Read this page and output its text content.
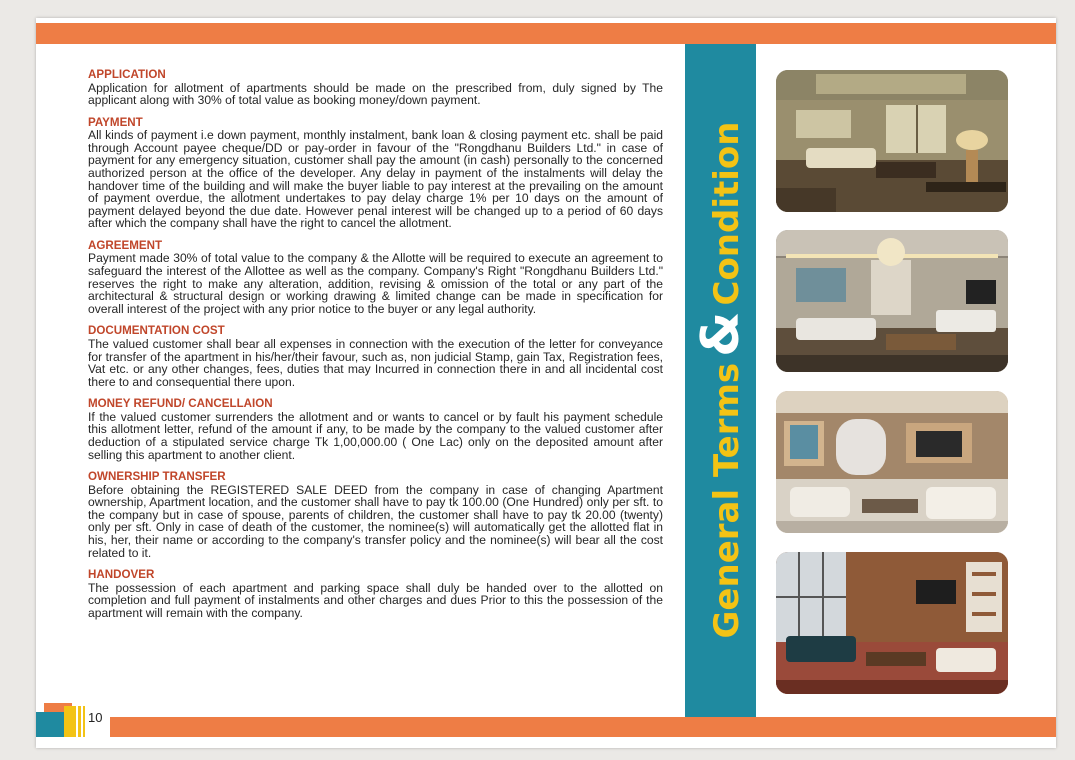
10
APPLICATION

Application for allotment of apartments should be made on the prescribed from, duly signed by The applicant along with 30% of total value as booking money/down payment.

PAYMENT

All kinds of payment i.e down payment, monthly instalment, bank loan & closing payment etc. shall be paid through Account payee cheque/DD or pay-order in favour of the "Rongdhanu Builders Ltd." in case of payment for any emergency situation, customer shall pay the amount (in cash) personally to the concerned authorized person at the office of the developer. Any delay in payment of the instalments will delay the handover time of the building and will make the buyer liable to pay interest at the prevailing on the amount of payment overdue, the allotment undertakes to pay delay charge 1% per 10 days on the amount of payment delayed beyond the due date. However penal interest will be changed up to a period of 60 days after which the company shall have the right to cancel the allotment.

AGREEMENT

Payment made 30% of total value to the company & the Allotte will be required to execute an agreement to safeguard the interest of the Allottee as well as the company. Company's Right "Rongdhanu Builders Ltd." reserves the right to make any alteration, addition, revising & omission of the total or any part of the architectural & structural design or working drawing & limited change can be made in specification for overall interest of the project with any prior notice to the buyer or any legal authority.

DOCUMENTATION COST

The valued customer shall bear all expenses in connection with the execution of the letter for conveyance for transfer of the apartment in his/her/their favour, such as, non judicial Stamp, gain Tax, Registration fees, Vat etc. or any other changes, fees, duties that may Incurred in connection there in and all incidental cost there to and consequential there upon.

MONEY REFUND/ CANCELLAION

If the valued customer surrenders the allotment and or wants to cancel or by fault his payment schedule this allotment letter, refund of the amount if any, to be made by the company to the valued customer after deduction of a stipulated service charge Tk 1,00,000.00 ( One Lac) only on the deposited amount after selling this apartment to another client.

OWNERSHIP TRANSFER

Before obtaining the REGISTERED SALE DEED from the company in case of changing Apartment ownership, Apartment location, and the customer shall have to pay tk 100.00 (One Hundred) only per sft. to the company but in case of spouse, parents of children, the customer shall have to pay tk 20.00 (twenty) only per sft. Only in case of death of the customer, the nominee(s) will automatically get the allotted flat in his, her, their name or according to the company's transfer policy and the nominee(s) will bear all the cost related to it.

HANDOVER

The possession of each apartment and parking space shall duly be handed over to the allotted on completion and full payment of instalments and other charges and dues Prior to this the possession of the apartment will remain with the company.	General Terms&Condition
